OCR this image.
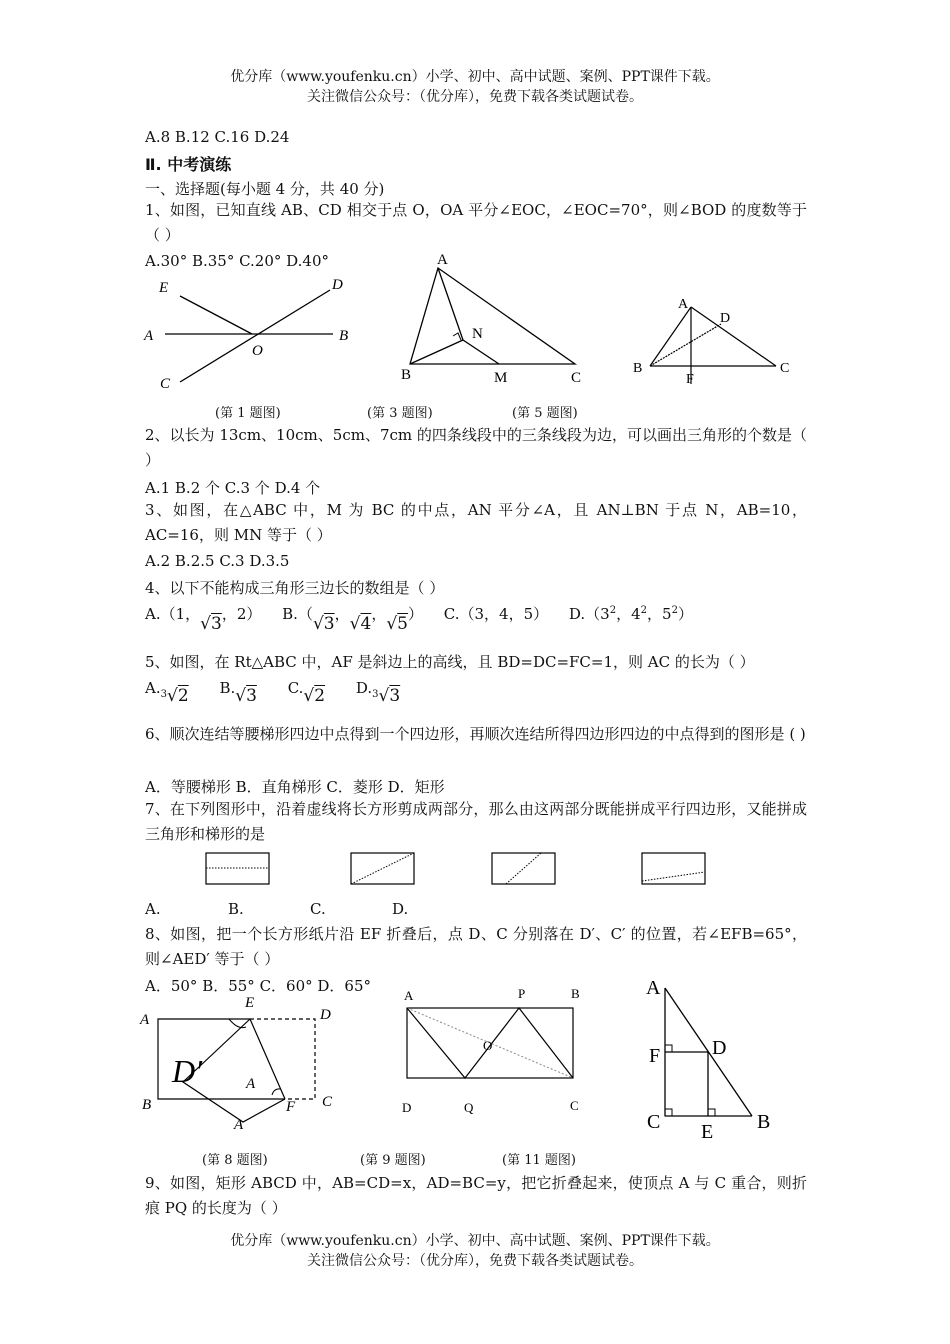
优分库（www.youfenku.cn）小学、初中、高中试题、案例、PPT课件下载。
关注微信公众号：（优分库），免费下载各类试题试卷。
A.8 B.12 C.16 D.24
Ⅱ. 中考演练
一、选择题(每小题 4 分，共 40 分)
1、如图，已知直线 AB、CD 相交于点 O，OA 平分∠EOC，∠EOC=70°，则∠BOD 的度数等于（ ）
A.30° B.35° C.20° D.40°
E	D
A	B
O
C
A
N
B	M	C
A
D
B
F
C
(第 1 题图)	(第 3 题图)	(第 5 题图)
2、以长为 13cm、10cm、5cm、7cm 的四条线段中的三条线段为边，可以画出三角形的个数是（ ）
A.1 B.2 个 C.3 个 D.4 个
3、如图，在△ABC 中，M 为 BC 的中点，AN 平分∠A，且 AN⊥BN 于点 N，AB=10，AC=16，则 MN 等于（ ）
A.2 B.2.5 C.3 D.3.5
4、以下不能构成三角形三边长的数组是（ ）
A.（1，√3，2） B.（√3，√4，√5） C.（3，4，5） $D.(3^2$，$4^2$，$5^2$）
5、如图，在 Rt△ABC 中，AF 是斜边上的高线，且 BD=DC=FC=1，则 AC 的长为（ ）
A.$^3$√2 B.√3 C.√2 D.$^3$√3
6、顺次连结等腰梯形四边中点得到一个四边形，再顺次连结所得四边形四边的中点得到的图形是 ( )
A．等腰梯形 B．直角梯形 C．菱形 D．矩形
7、在下列图形中，沿着虚线将长方形剪成两部分，那么由这两部分既能拼成平行四边形，又能拼成三角形和梯形的是
A.	B.	C.	D.
8、如图，把一个长方形纸片沿 EF 折叠后，点 D、C 分别落在 D′、C′ 的位置，若∠EFB=65°，则∠AED′ 等于（ ）
A．50° B．55° C．60° D．65°
E
A	D
D′	A
B
A
F C
A	P	B
O
D	Q	C
A
F	D
C E B
(第 8 题图)	(第 9 题图)	(第 11 题图)
9、如图，矩形 ABCD 中，AB=CD=x，AD=BC=y，把它折叠起来，使顶点 A 与 C 重合，则折痕 PQ 的长度为（ ）
优分库（www.youfenku.cn）小学、初中、高中试题、案例、PPT课件下载。
关注微信公众号：（优分库），免费下载各类试题试卷。
